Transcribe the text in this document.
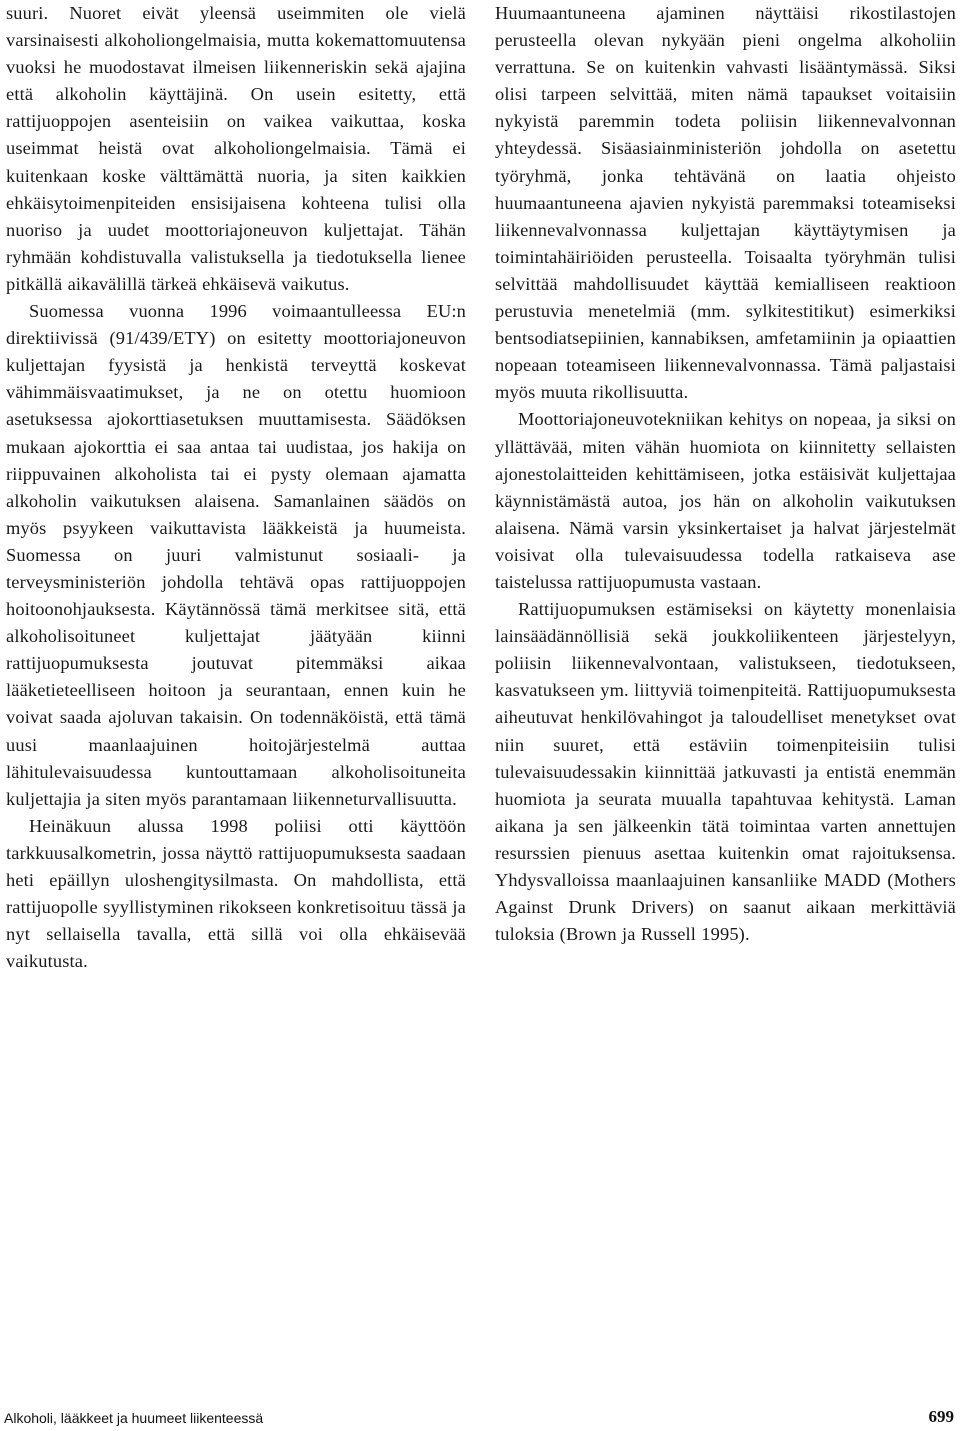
suuri. Nuoret eivät yleensä useimmiten ole vielä varsinaisesti alkoholiongelmaisia, mutta kokemattomuutensa vuoksi he muodostavat ilmeisen liikenneriskin sekä ajajina että alkoholin käyttäjinä. On usein esitetty, että rattijuoppojen asenteisiin on vaikea vaikuttaa, koska useimmat heistä ovat alkoholiongelmaisia. Tämä ei kuitenkaan koske välttämättä nuoria, ja siten kaikkien ehkäisytoimenpiteiden ensisijaisena kohteena tulisi olla nuoriso ja uudet moottoriajoneuvon kuljettajat. Tähän ryhmään kohdistuvalla valistuksella ja tiedotuksella lienee pitkällä aikavälillä tärkeä ehkäisevä vaikutus.

Suomessa vuonna 1996 voimaantulleessa EU:n direktiivissä (91/439/ETY) on esitetty moottoriajoneuvon kuljettajan fyysistä ja henkistä terveyttä koskevat vähimmäisvaatimukset, ja ne on otettu huomioon asetuksessa ajokorttiasetuksen muuttamisesta. Säädöksen mukaan ajokorttia ei saa antaa tai uudistaa, jos hakija on riippuvainen alkoholista tai ei pysty olemaan ajamatta alkoholin vaikutuksen alaisena. Samanlainen säädös on myös psyykeen vaikuttavista lääkkeistä ja huumeista. Suomessa on juuri valmistunut sosiaali- ja terveysministeriön johdolla tehtävä opas rattijuoppojen hoitoonohjauksesta. Käytännössä tämä merkitsee sitä, että alkoholisoituneet kuljettajat jäätyään kiinni rattijuopumuksesta joutuvat pitemmäksi aikaa lääketieteelliseen hoitoon ja seurantaan, ennen kuin he voivat saada ajoluvan takaisin. On todennäköistä, että tämä uusi maanlaajuinen hoitojärjestelmä auttaa lähitulevaisuudessa kuntouttamaan alkoholisoituneita kuljettajia ja siten myös parantamaan liikenneturvallisuutta.

Heinäkuun alussa 1998 poliisi otti käyttöön tarkkuusalkometrin, jossa näyttö rattijuopumuksesta saadaan heti epäillyn uloshengitysilmasta. On mahdollista, että rattijuopolle syyllistyminen rikokseen konkretisoituu tässä ja nyt sellaisella tavalla, että sillä voi olla ehkäisevää vaikutusta.

Huumaantuneena ajaminen näyttäisi rikostilastojen perusteella olevan nykyään pieni ongelma alkoholiin verrattuna. Se on kuitenkin vahvasti lisääntymässä. Siksi olisi tarpeen selvittää, miten nämä tapaukset voitaisiin nykyistä paremmin todeta poliisin liikennevalvonnan yhteydessä. Sisäasiainministeriön johdolla on asetettu työryhmä, jonka tehtävänä on laatia ohjeisto huumaantuneena ajavien nykyistä paremmaksi toteamiseksi liikennevalvonnassa kuljettajan käyttäytymisen ja toimintahäiriöiden perusteella. Toisaalta työryhmän tulisi selvittää mahdollisuudet käyttää kemialliseen reaktioon perustuvia menetelmiä (mm. sylkitestitikut) esimerkiksi bentsodiatsepiinien, kannabiksen, amfetamiinin ja opiaattien nopeaan toteamiseen liikennevalvonnassa. Tämä paljastaisi myös muuta rikollisuutta.

Moottoriajoneuvotekniikan kehitys on nopeaa, ja siksi on yllättävää, miten vähän huomiota on kiinnitetty sellaisten ajonestolaitteiden kehittämiseen, jotka estäisivät kuljettajaa käynnistämästä autoa, jos hän on alkoholin vaikutuksen alaisena. Nämä varsin yksinkertaiset ja halvat järjestelmät voisivat olla tulevaisuudessa todella ratkaiseva ase taistelussa rattijuopumusta vastaan.

Rattijuopumuksen estämiseksi on käytetty monenlaisia lainsäädännöllisiä sekä joukkoliikenteen järjestelyyn, poliisin liikennevalvontaan, valistukseen, tiedotukseen, kasvatukseen ym. liittyviä toimenpiteitä. Rattijuopumuksesta aiheutuvat henkilövahingot ja taloudelliset menetykset ovat niin suuret, että estäviin toimenpiteisiin tulisi tulevaisuudessakin kiinnittää jatkuvasti ja entistä enemmän huomiota ja seurata muualla tapahtuvaa kehitystä. Laman aikana ja sen jälkeenkin tätä toimintaa varten annettujen resurssien pienuus asettaa kuitenkin omat rajoituksensa. Yhdysvalloissa maanlaajuinen kansanliike MADD (Mothers Against Drunk Drivers) on saanut aikaan merkittäviä tuloksia (Brown ja Russell 1995).

Alkoholi, lääkkeet ja huumeet liikenteessä	699
